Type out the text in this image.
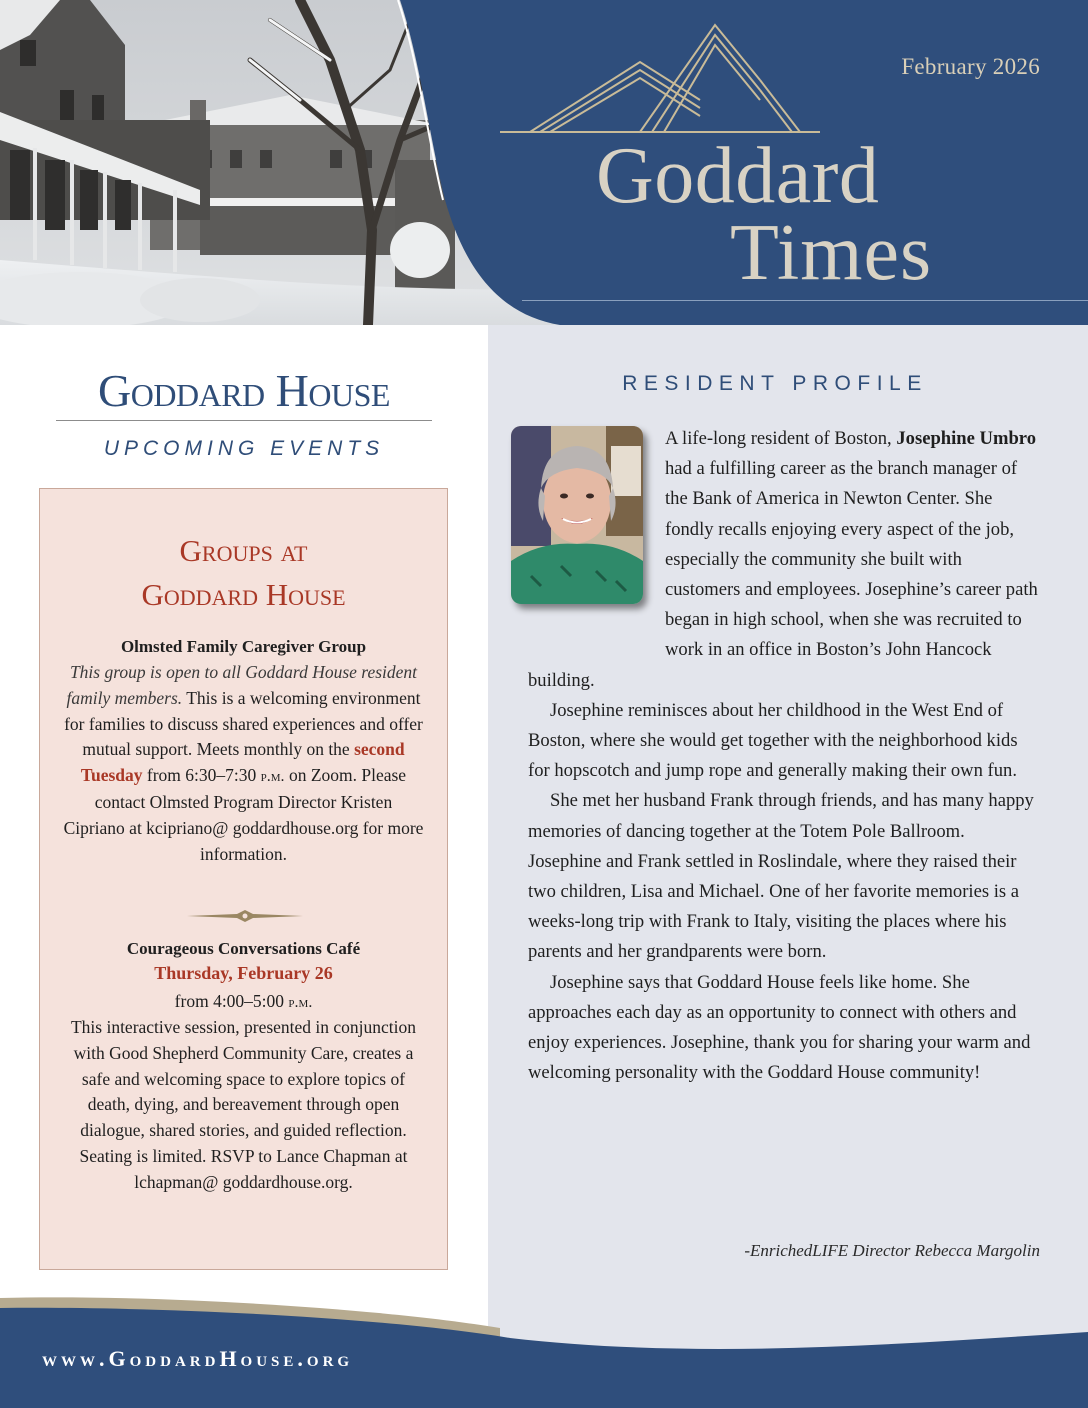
February 2026
Goddard
Times
Goddard House
UPCOMING EVENTS
Groups at
Goddard House
Olmsted Family Caregiver Group
This group is open to all Goddard House resident family members. This is a welcoming environment for families to discuss shared experiences and offer mutual support. Meets monthly on the second Tuesday from 6:30–7:30 p.m. on Zoom. Please contact Olmsted Program Director Kristen Cipriano at kcipriano@ goddardhouse.org for more information.
Courageous Conversations Café
Thursday, February 26
from 4:00–5:00 p.m.
This interactive session, presented in conjunction with Good Shepherd Community Care, creates a safe and welcoming space to explore topics of death, dying, and bereavement through open dialogue, shared stories, and guided reflection. Seating is limited. RSVP to Lance Chapman at lchapman@ goddardhouse.org.
www.GoddardHouse.org
RESIDENT PROFILE

A life-long resident of Boston, Josephine Umbro had a fulfilling career as the branch manager of the Bank of America in Newton Center. She fondly recalls enjoying every aspect of the job, especially the community she built with customers and employees. Josephine’s career path began in high school, when she was recruited to work in an office in Boston’s John Hancock building.

Josephine reminisces about her childhood in the West End of Boston, where she would get together with the neighborhood kids for hopscotch and jump rope and generally making their own fun.

She met her husband Frank through friends, and has many happy memories of dancing together at the Totem Pole Ballroom. Josephine and Frank settled in Roslindale, where they raised their two children, Lisa and Michael. One of her favorite memories is a weeks-long trip with Frank to Italy, visiting the places where his parents and her grandparents were born.

Josephine says that Goddard House feels like home. She approaches each day as an opportunity to connect with others and enjoy experiences. Josephine, thank you for sharing your warm and welcoming personality with the Goddard House community!

-EnrichedLIFE Director Rebecca Margolin
